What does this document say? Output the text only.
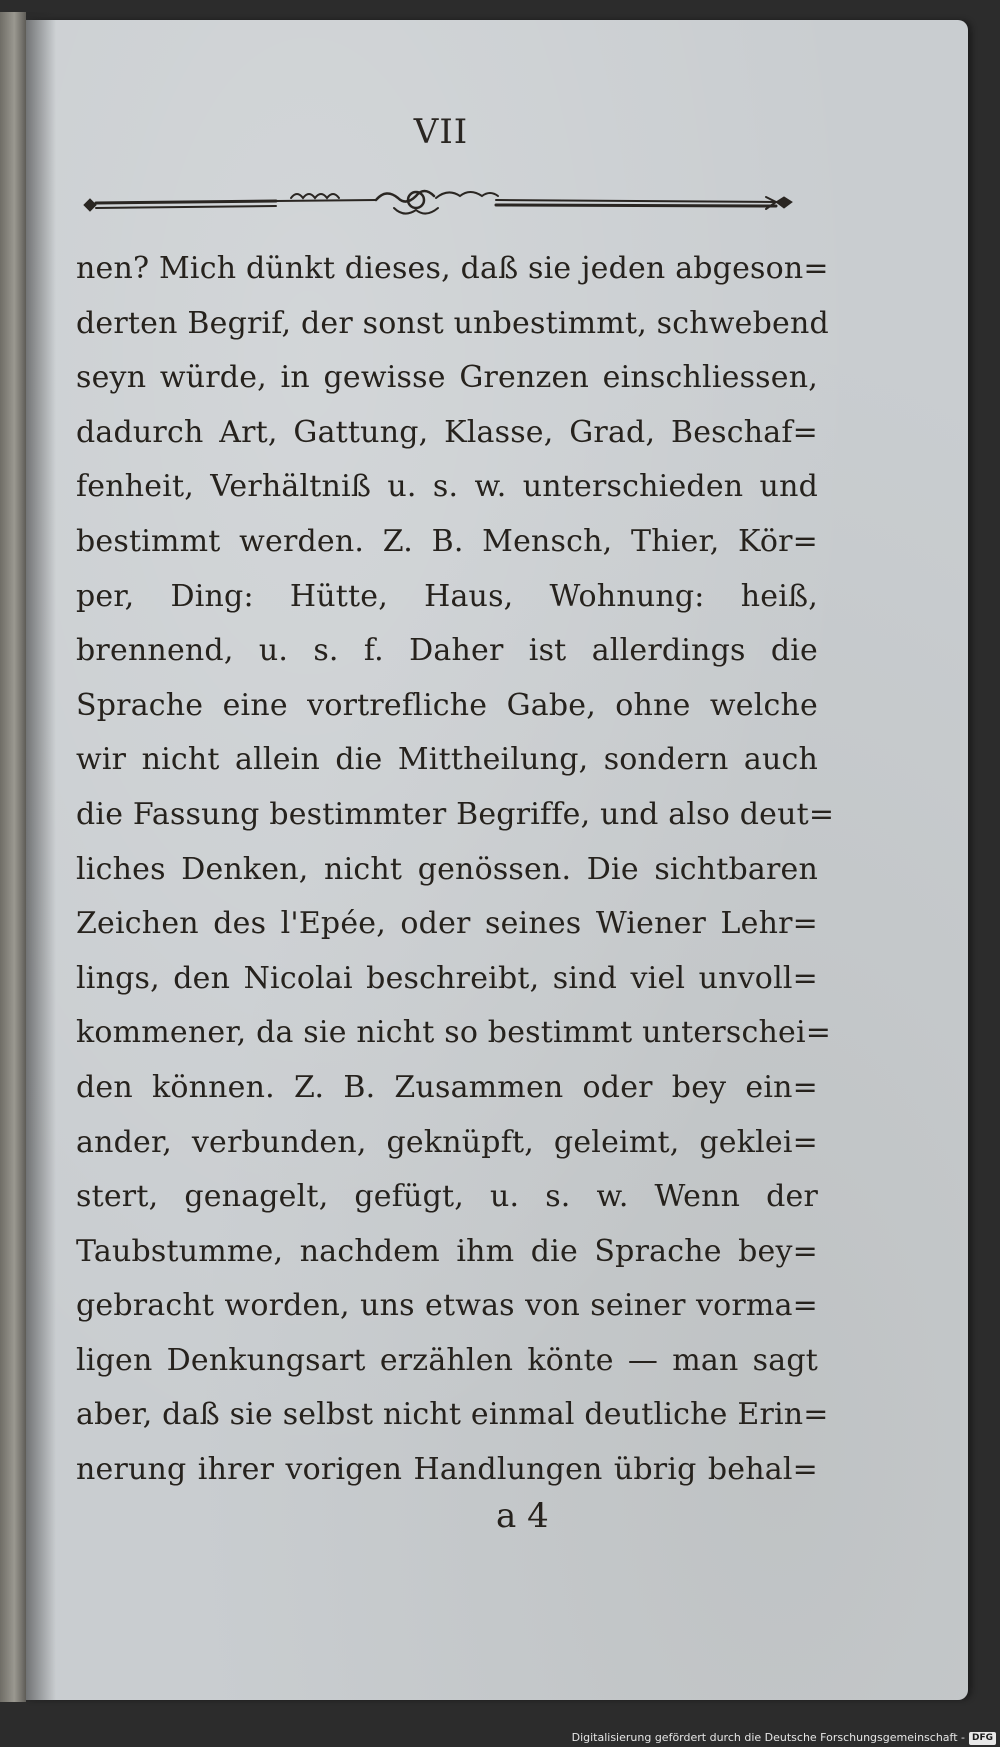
VII
nen? Mich dünkt dieses, daß sie jeden abgeson=
derten Begrif, der sonst unbestimmt, schwebend
seyn würde, in gewisse Grenzen einschliessen,
dadurch Art, Gattung, Klasse, Grad, Beschaf=
fenheit, Verhältniß u. s. w. unterschieden und
bestimmt werden. Z. B. Mensch, Thier, Kör=
per, Ding: Hütte, Haus, Wohnung: heiß,
brennend, u. s. f. Daher ist allerdings die
Sprache eine vortrefliche Gabe, ohne welche
wir nicht allein die Mittheilung, sondern auch
die Fassung bestimmter Begriffe, und also deut=
liches Denken, nicht genössen. Die sichtbaren
Zeichen des l'Epée, oder seines Wiener Lehr=
lings, den Nicolai beschreibt, sind viel unvoll=
kommener, da sie nicht so bestimmt unterschei=
den können. Z. B. Zusammen oder bey ein=
ander, verbunden, geknüpft, geleimt, geklei=
stert, genagelt, gefügt, u. s. w. Wenn der
Taubstumme, nachdem ihm die Sprache bey=
gebracht worden, uns etwas von seiner vorma=
ligen Denkungsart erzählen könte — man sagt
aber, daß sie selbst nicht einmal deutliche Erin=
nerung ihrer vorigen Handlungen übrig behal=
a 4
Digitalisierung gefördert durch die Deutsche Forschungsgemeinschaft - DFG
